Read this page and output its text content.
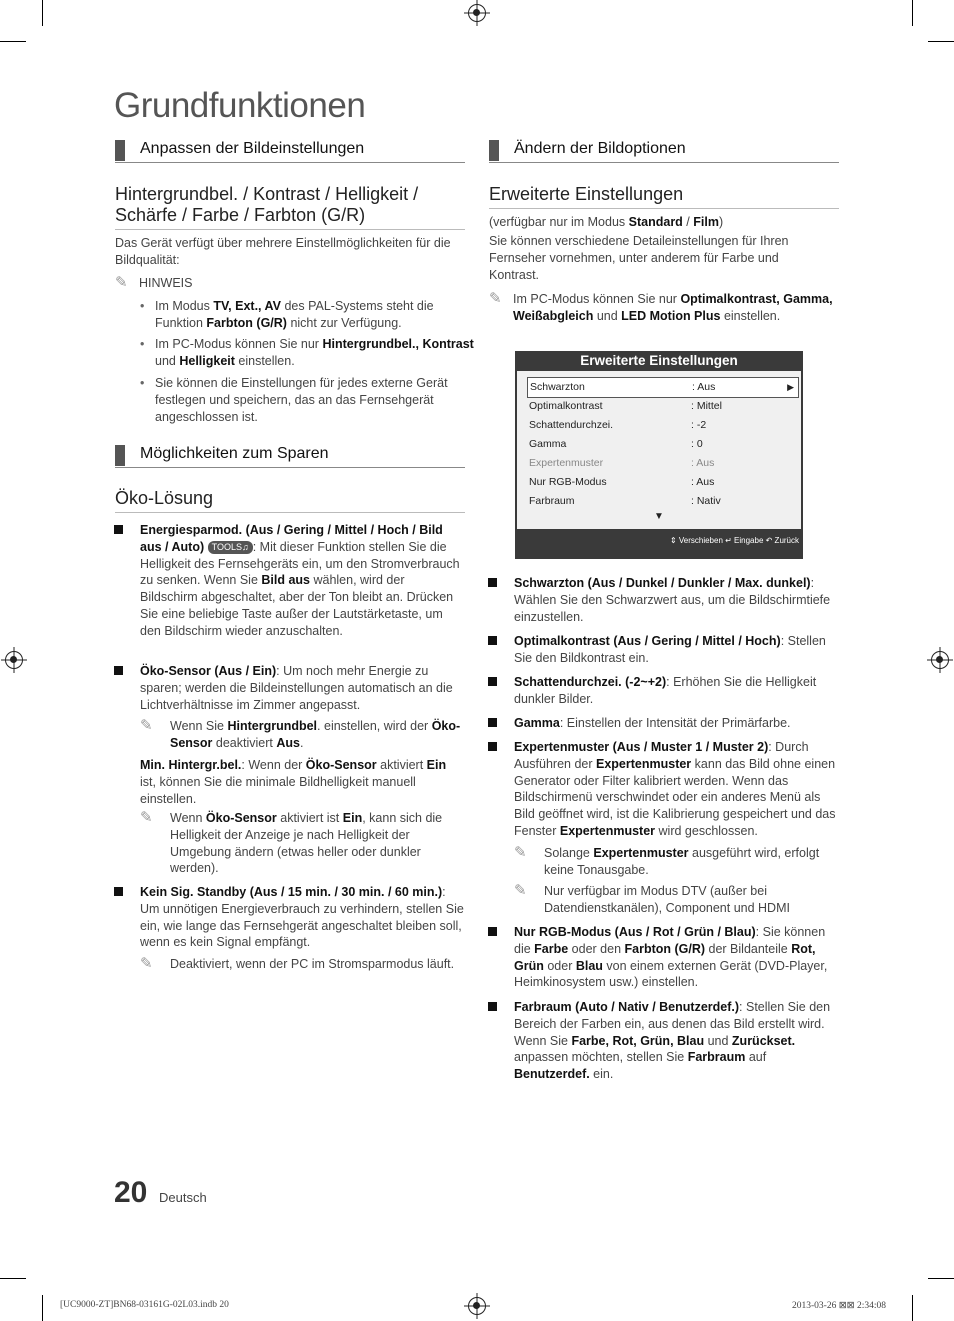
Grundfunktionen
Anpassen der Bildeinstellungen
Hintergrundbel. / Kontrast / Helligkeit / Schärfe / Farbe / Farbton (G/R)
Das Gerät verfügt über mehrere Einstellmöglichkeiten für die Bildqualität:
✎ HINWEIS
• Im Modus TV, Ext., AV des PAL-Systems steht die Funktion Farbton (G/R) nicht zur Verfügung.
• Im PC-Modus können Sie nur Hintergrundbel., Kontrast und Helligkeit einstellen.
• Sie können die Einstellungen für jedes externe Gerät festlegen und speichern, das an das Fernsehgerät angeschlossen ist.
Möglichkeiten zum Sparen
Öko-Lösung
Energiesparmod. (Aus / Gering / Mittel / Hoch / Bild aus / Auto) TOOLS♫ : Mit dieser Funktion stellen Sie die Helligkeit des Fernsehgeräts ein, um den Stromverbrauch zu senken. Wenn Sie Bild aus wählen, wird der Bildschirm abgeschaltet, aber der Ton bleibt an. Drücken Sie eine beliebige Taste außer der Lautstärketaste, um den Bildschirm wieder anzuschalten.
Öko-Sensor (Aus / Ein): Um noch mehr Energie zu sparen; werden die Bildeinstellungen automatisch an die Lichtverhältnisse im Zimmer angepasst.
✎ Wenn Sie Hintergrundbel. einstellen, wird der Öko-Sensor deaktiviert Aus.
Min. Hintergr.bel.: Wenn der Öko-Sensor aktiviert Ein ist, können Sie die minimale Bildhelligkeit manuell einstellen.
✎ Wenn Öko-Sensor aktiviert ist Ein, kann sich die Helligkeit der Anzeige je nach Helligkeit der Umgebung ändern (etwas heller oder dunkler werden).
Kein Sig. Standby (Aus / 15 min. / 30 min. / 60 min.): Um unnötigen Energieverbrauch zu verhindern, stellen Sie ein, wie lange das Fernsehgerät angeschaltet bleiben soll, wenn es kein Signal empfängt.
✎ Deaktiviert, wenn der PC im Stromsparmodus läuft.
Ändern der Bildoptionen
Erweiterte Einstellungen
(verfügbar nur im Modus Standard / Film)
Sie können verschiedene Detaileinstellungen für Ihren Fernseher vornehmen, unter anderem für Farbe und Kontrast.
✎ Im PC-Modus können Sie nur Optimalkontrast, Gamma, Weißabgleich und LED Motion Plus einstellen.
Erweiterte Einstellungen
Schwarzton	: Aus	▶
Optimalkontrast	: Mittel
Schattendurchzei.	: -2
Gamma	: 0
Expertenmuster	: Aus
Nur RGB-Modus	: Aus
Farbraum	: Nativ
▼
⇕ Verschieben ↵ Eingabe ↶ Zurück
Schwarzton (Aus / Dunkel / Dunkler / Max. dunkel): Wählen Sie den Schwarzwert aus, um die Bildschirmtiefe einzustellen.
Optimalkontrast (Aus / Gering / Mittel / Hoch): Stellen Sie den Bildkontrast ein.
Schattendurchzei. (-2~+2): Erhöhen Sie die Helligkeit dunkler Bilder.
Gamma: Einstellen der Intensität der Primärfarbe.
Expertenmuster (Aus / Muster 1 / Muster 2): Durch Ausführen der Expertenmuster kann das Bild ohne einen Generator oder Filter kalibriert werden. Wenn das Bildschirmenü verschwindet oder ein anderes Menü als Bild geöffnet wird, ist die Kalibrierung gespeichert und das Fenster Expertenmuster wird geschlossen.
✎ Solange Expertenmuster ausgeführt wird, erfolgt keine Tonausgabe.
✎ Nur verfügbar im Modus DTV (außer bei Datendienstkanälen), Component und HDMI
Nur RGB-Modus (Aus / Rot / Grün / Blau): Sie können die Farbe oder den Farbton (G/R) der Bildanteile Rot, Grün oder Blau von einem externen Gerät (DVD-Player, Heimkinosystem usw.) einstellen.
Farbraum (Auto / Nativ / Benutzerdef.): Stellen Sie den Bereich der Farben ein, aus denen das Bild erstellt wird. Wenn Sie Farbe, Rot, Grün, Blau und Zurückset. anpassen möchten, stellen Sie Farbraum auf Benutzerdef. ein.
20 Deutsch
[UC9000-ZT]BN68-03161G-02L03.indb 20	2013-03-26 ⊠⊠ 2:34:08
